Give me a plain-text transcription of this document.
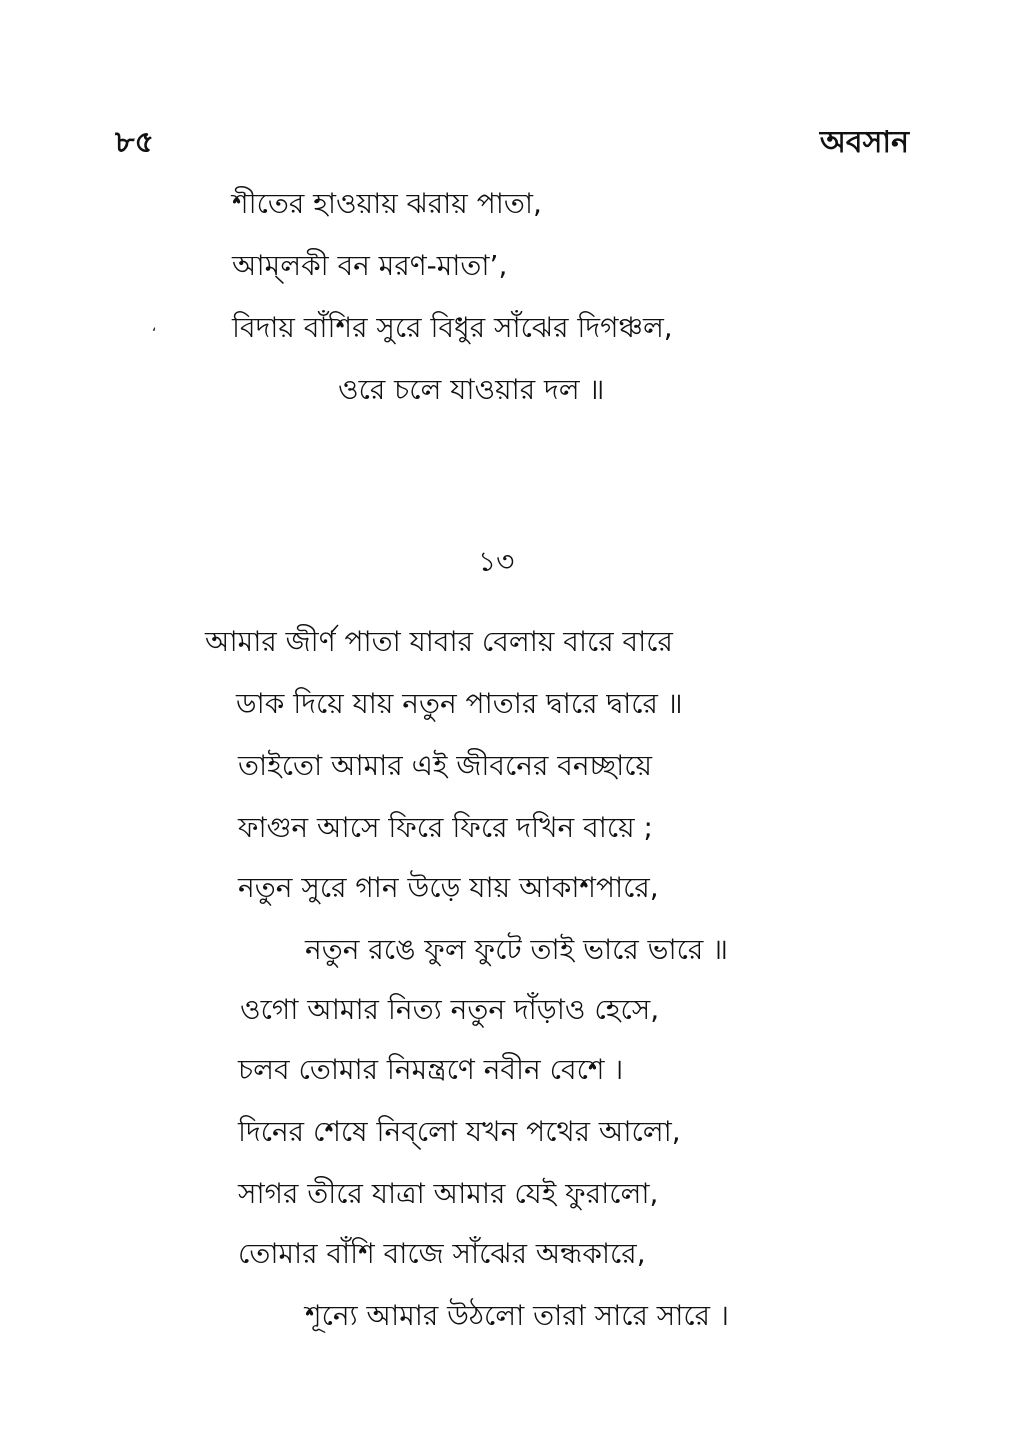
৮৫	অবসান
শীতের হাওয়ায় ঝরায় পাতা,
আম্‌লকী বন মরণ-মাতা’,
‘	বিদায় বাঁশির সুরে বিধুর সাঁঝের দিগঞ্চল,
ওরে চলে যাওয়ার দল ॥
১৩
আমার জীর্ণ পাতা যাবার বেলায় বারে বারে
ডাক দিয়ে যায় নতুন পাতার দ্বারে দ্বারে ॥
তাইতো আমার এই জীবনের বনচ্ছায়ে
ফাগুন আসে ফিরে ফিরে দখিন বায়ে ;
নতুন সুরে গান উড়ে যায় আকাশপারে,
নতুন রঙে ফুল ফুটে তাই ভারে ভারে ॥
ওগো আমার নিত্য নতুন দাঁড়াও হেসে,
চলব তোমার নিমন্ত্রণে নবীন বেশে ।
দিনের শেষে নিব্‌লো যখন পথের আলো,
সাগর তীরে যাত্রা আমার যেই ফুরালো,
তোমার বাঁশি বাজে সাঁঝের অন্ধকারে,
শূন্যে আমার উঠলো তারা সারে সারে ।
